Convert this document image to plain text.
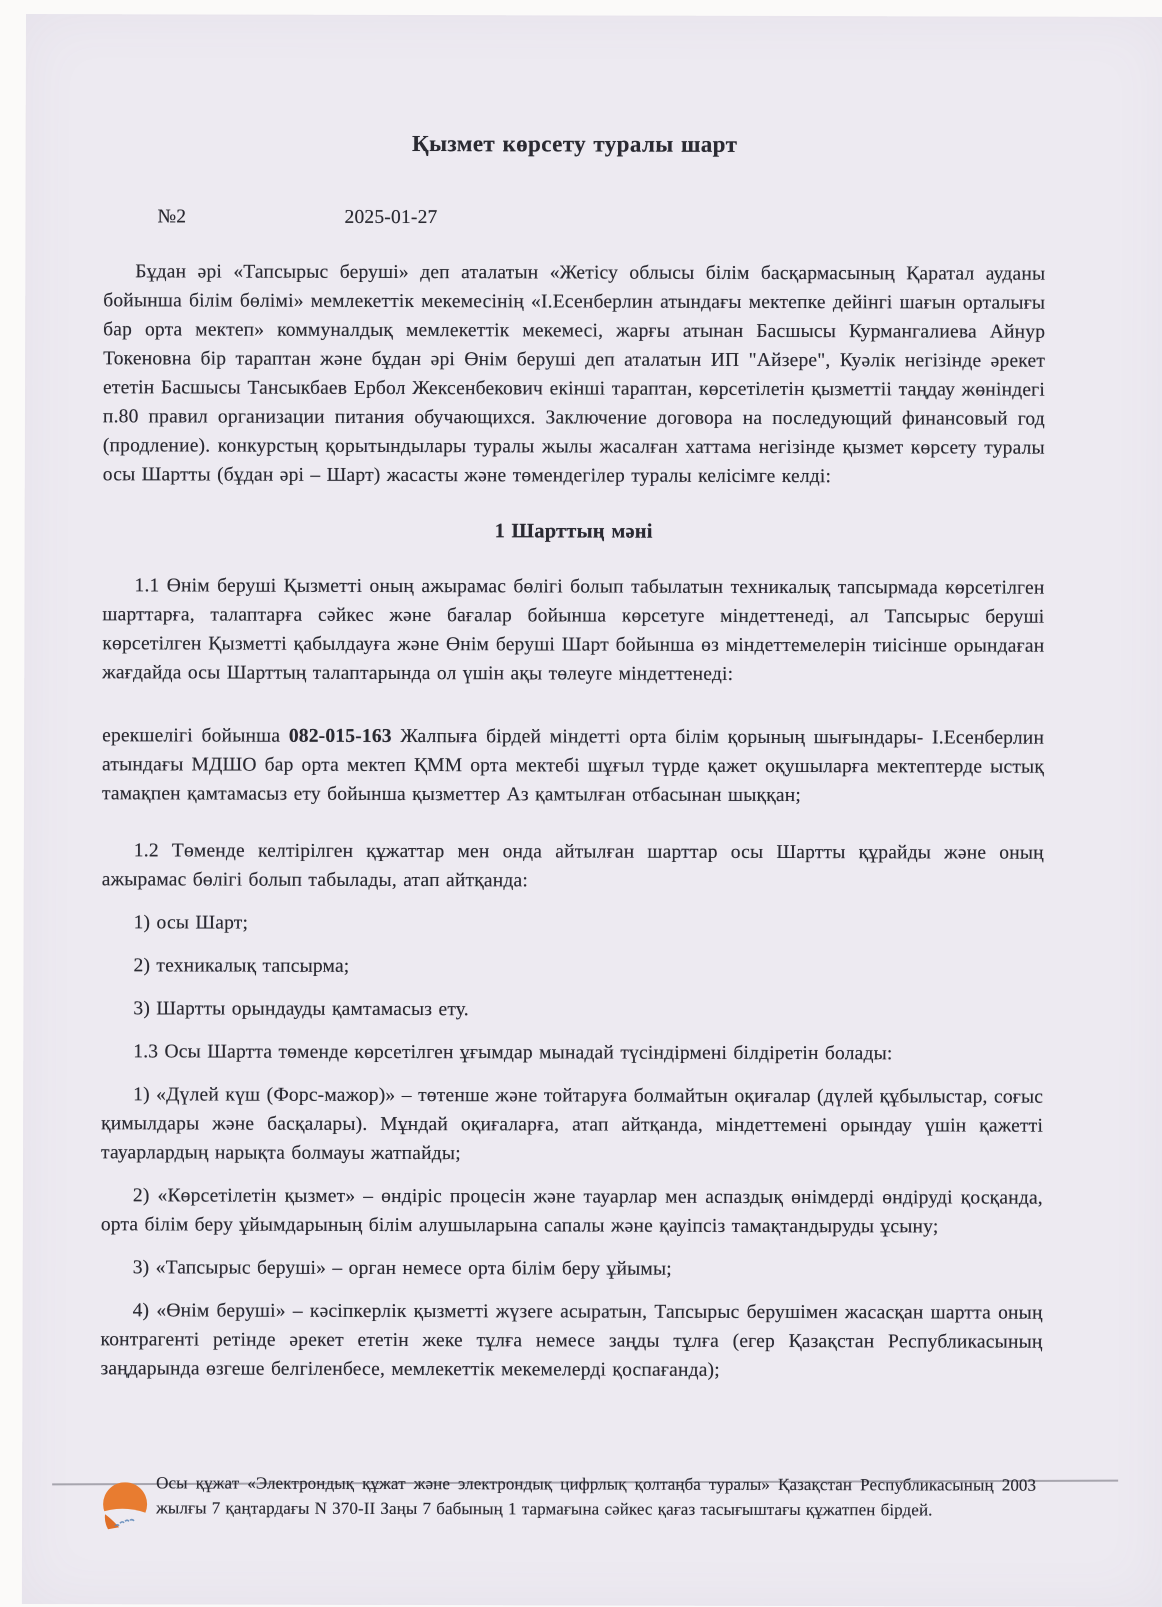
Қызмет көрсету туралы шарт
№2	2025-01-27

Бұдан әрі «Тапсырыс беруші» деп аталатын «Жетісу облысы білім басқармасының Қаратал ауданы бойынша білім бөлімі» мемлекеттік мекемесінің «І.Есенберлин атындағы мектепке дейінгі шағын орталығы бар орта мектеп» коммуналдық мемлекеттік мекемесі, жарғы атынан Басшысы Курмангалиева Айнур Токеновна бір тараптан және бұдан әрі Өнім беруші деп аталатын ИП "Айзере", Куәлік негізінде әрекет ететін Басшысы Тансыкбаев Ербол Жексенбекович екінші тараптан, көрсетілетін қызметтіі таңдау жөніндегі п.80 правил организации питания обучающихся. Заключение договора на последующий финансовый год (продление). конкурстың қорытындылары туралы жылы жасалған хаттама негізінде қызмет көрсету туралы осы Шартты (бұдан әрі – Шарт) жасасты және төмендегілер туралы келісімге келді:

1 Шарттың мәні

1.1 Өнім беруші Қызметті оның ажырамас бөлігі болып табылатын техникалық тапсырмада көрсетілген шарттарға, талаптарға сәйкес және бағалар бойынша көрсетуге міндеттенеді, ал Тапсырыс беруші көрсетілген Қызметті қабылдауға және Өнім беруші Шарт бойынша өз міндеттемелерін тиісінше орындаған жағдайда осы Шарттың талаптарында ол үшін ақы төлеуге міндеттенеді:

ерекшелігі бойынша 082-015-163 Жалпыға бірдей міндетті орта білім қорының шығындары- І.Есенберлин атындағы МДШО бар орта мектеп ҚММ орта мектебі шұғыл түрде қажет оқушыларға мектептерде ыстық тамақпен қамтамасыз ету бойынша қызметтер Аз қамтылған отбасынан шыққан;

1.2 Төменде келтірілген құжаттар мен онда айтылған шарттар осы Шартты құрайды және оның ажырамас бөлігі болып табылады, атап айтқанда:

1) осы Шарт;

2) техникалық тапсырма;

3) Шартты орындауды қамтамасыз ету.

1.3 Осы Шартта төменде көрсетілген ұғымдар мынадай түсіндірмені білдіретін болады:

1) «Дүлей күш (Форс-мажор)» – төтенше және тойтаруға болмайтын оқиғалар (дүлей құбылыстар, соғыс қимылдары және басқалары). Мұндай оқиғаларға, атап айтқанда, міндеттемені орындау үшін қажетті тауарлардың нарықта болмауы жатпайды;

2) «Көрсетілетін қызмет» – өндіріс процесін және тауарлар мен аспаздық өнімдерді өндіруді қосқанда, орта білім беру ұйымдарының білім алушыларына сапалы және қауіпсіз тамақтандыруды ұсыну;

3) «Тапсырыс беруші» – орган немесе орта білім беру ұйымы;

4) «Өнім беруші» – кәсіпкерлік қызметті жүзеге асыратын, Тапсырыс берушімен жасасқан шартта оның контрагенті ретінде әрекет ететін жеке тұлға немесе заңды тұлға (егер Қазақстан Республикасының заңдарында өзгеше белгіленбесе, мемлекеттік мекемелерді қоспағанда);

Осы құжат «Электрондық құжат және электрондық цифрлық қолтаңба туралы» Қазақстан Республикасының 2003 жылғы 7 қаңтардағы N 370-II Заңы 7 бабының 1 тармағына сәйкес қағаз тасығыштағы құжатпен бірдей.
